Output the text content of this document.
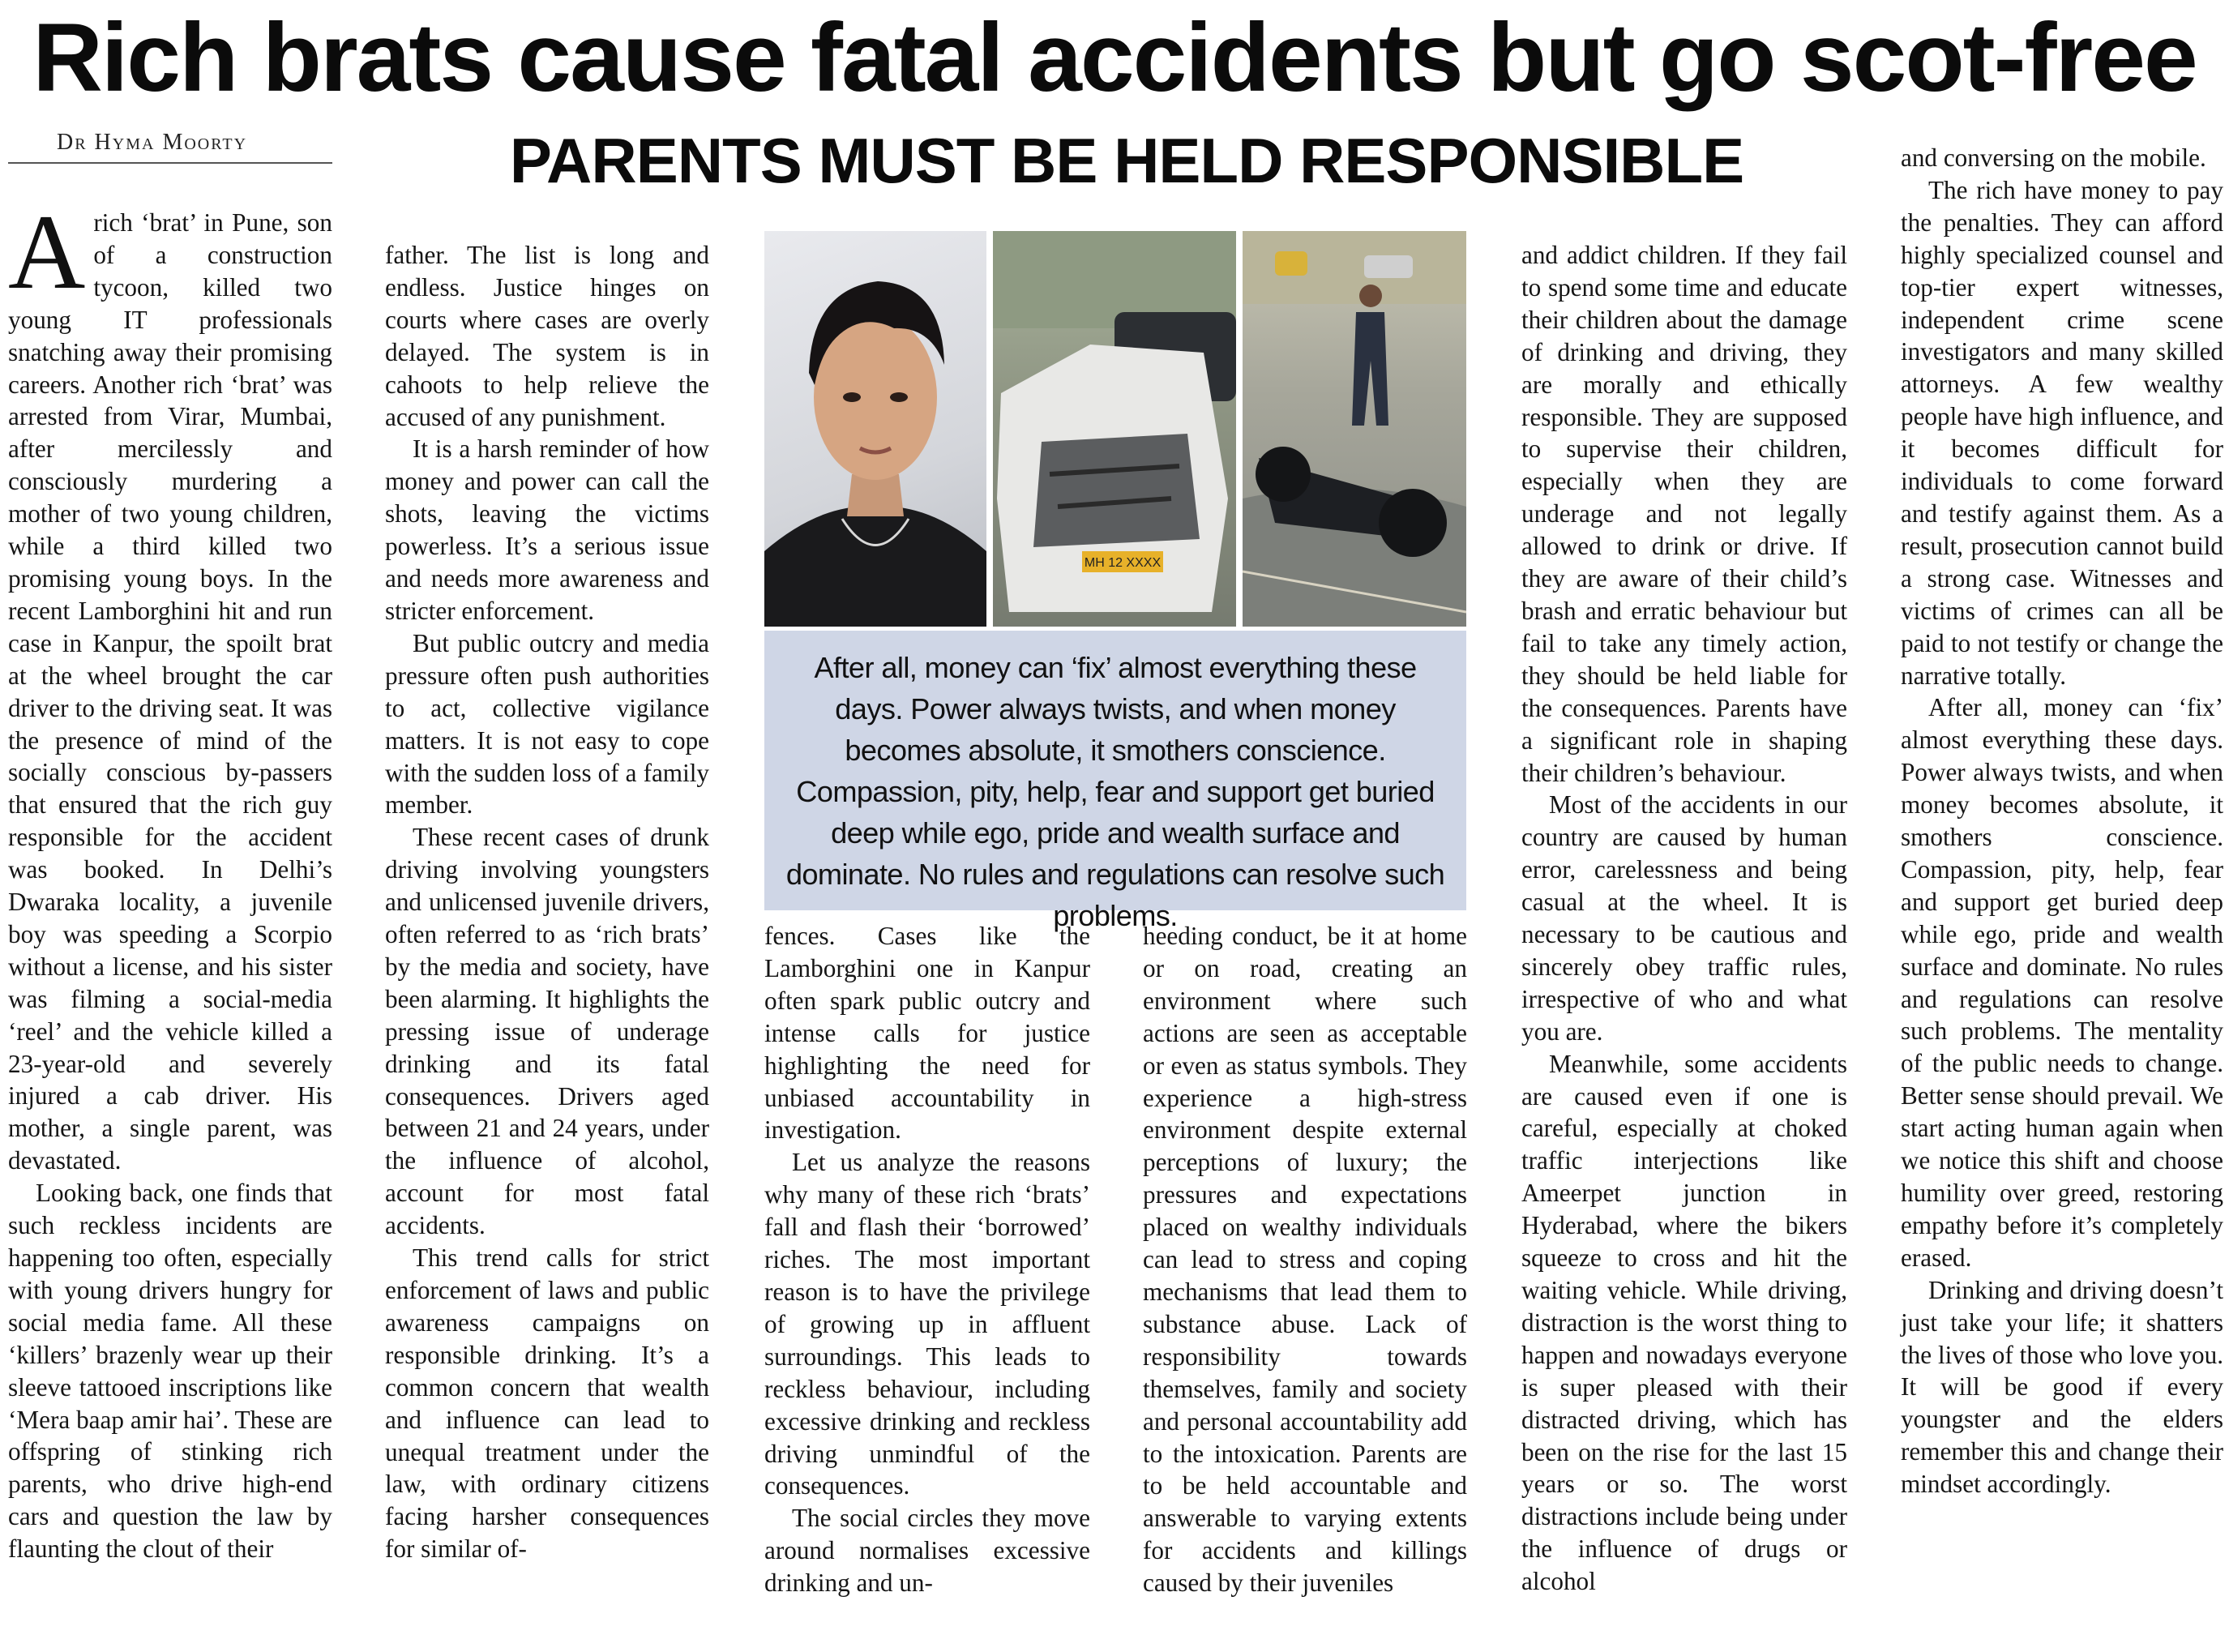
Rich brats cause fatal accidents but go scot-free
Dr Hyma Moorty	PARENTS MUST BE HELD RESPONSIBLE

Arich ‘brat’ in Pune, son of a construction tycoon, killed two young IT professionals snatching away their promising careers. Another rich ‘brat’ was arrested from Virar, Mumbai, after mercilessly and consciously murdering a mother of two young children, while a third killed two promising young boys. In the recent Lamborghini hit and run case in Kanpur, the spoilt brat at the wheel brought the car driver to the driving seat. It was the presence of mind of the socially conscious by-passers that ensured that the rich guy responsible for the accident was booked. In Delhi’s Dwaraka locality, a juvenile boy was speeding a Scorpio without a license, and his sister was filming a social-media ‘reel’ and the vehicle killed a 23-year-old and severely injured a cab driver. His mother, a single parent, was devastated.

Looking back, one finds that such reckless incidents are happening too often, especially with young drivers hungry for social media fame. All these ‘killers’ brazenly wear up their sleeve tattooed inscriptions like ‘Mera baap amir hai’. These are offspring of stinking rich parents, who drive high-end cars and question the law by flaunting the clout of their

father. The list is long and endless. Justice hinges on courts where cases are overly delayed. The system is in cahoots to help relieve the accused of any punishment.

It is a harsh reminder of how money and power can call the shots, leaving the victims powerless. It’s a serious issue and needs more awareness and stricter enforcement.

But public outcry and media pressure often push authorities to act, collective vigilance matters. It is not easy to cope with the sudden loss of a family member.

These recent cases of drunk driving involving youngsters and unlicensed juvenile drivers, often referred to as ‘rich brats’ by the media and society, have been alarming. It highlights the pressing issue of underage drinking and its fatal consequences. Drivers aged between 21 and 24 years, under the influence of alcohol, account for most fatal accidents.

This trend calls for strict enforcement of laws and public awareness campaigns on responsible drinking. It’s a common concern that wealth and influence can lead to unequal treatment under the law, with ordinary citizens facing harsher consequences for similar of-

MH 12 XXXX
After all, money can ‘fix’ almost everything these days. Power always twists, and when money becomes absolute, it smothers conscience. Compassion, pity, help, fear and support get buried deep while ego, pride and wealth surface and dominate. No rules and regulations can resolve such problems.

fences. Cases like the Lamborghini one in Kanpur often spark public outcry and intense calls for justice highlighting the need for unbiased accountability in investigation.

Let us analyze the reasons why many of these rich ‘brats’ fall and flash their ‘borrowed’ riches. The most important reason is to have the privilege of growing up in affluent surroundings. This leads to reckless behaviour, including excessive drinking and reckless driving unmindful of the consequences.

The social circles they move around normalises excessive drinking and un-

heeding conduct, be it at home or on road, creating an environment where such actions are seen as acceptable or even as status symbols. They experience a high-stress environment despite external perceptions of luxury; the pressures and expectations placed on wealthy individuals can lead to stress and coping mechanisms that lead them to substance abuse. Lack of responsibility towards themselves, family and society and personal accountability add to the intoxication. Parents are to be held accountable and answerable to varying extents for accidents and killings caused by their juveniles

and addict children. If they fail to spend some time and educate their children about the damage of drinking and driving, they are morally and ethically responsible. They are supposed to supervise their children, especially when they are underage and not legally allowed to drink or drive. If they are aware of their child’s brash and erratic behaviour but fail to take any timely action, they should be held liable for the consequences. Parents have a significant role in shaping their children’s behaviour.

Most of the accidents in our country are caused by human error, carelessness and being casual at the wheel. It is necessary to be cautious and sincerely obey traffic rules, irrespective of who and what you are.

Meanwhile, some accidents are caused even if one is careful, especially at choked traffic interjections like Ameerpet junction in Hyderabad, where the bikers squeeze to cross and hit the waiting vehicle. While driving, distraction is the worst thing to happen and nowadays everyone is super pleased with their distracted driving, which has been on the rise for the last 15 years or so. The worst distractions include being under the influence of drugs or alcohol

and conversing on the mobile.

The rich have money to pay the penalties. They can afford highly specialized counsel and top-tier expert witnesses, independent crime scene investigators and many skilled attorneys. A few wealthy people have high influence, and it becomes difficult for individuals to come forward and testify against them. As a result, prosecution cannot build a strong case. Witnesses and victims of crimes can all be paid to not testify or change the narrative totally.

After all, money can ‘fix’ almost everything these days. Power always twists, and when money becomes absolute, it smothers conscience. Compassion, pity, help, fear and support get buried deep while ego, pride and wealth surface and dominate. No rules and regulations can resolve such problems. The mentality of the public needs to change. Better sense should prevail. We start acting human again when we notice this shift and choose humility over greed, restoring empathy before it’s completely erased.

Drinking and driving doesn’t just take your life; it shatters the lives of those who love you. It will be good if every youngster and the elders remember this and change their mindset accordingly.
